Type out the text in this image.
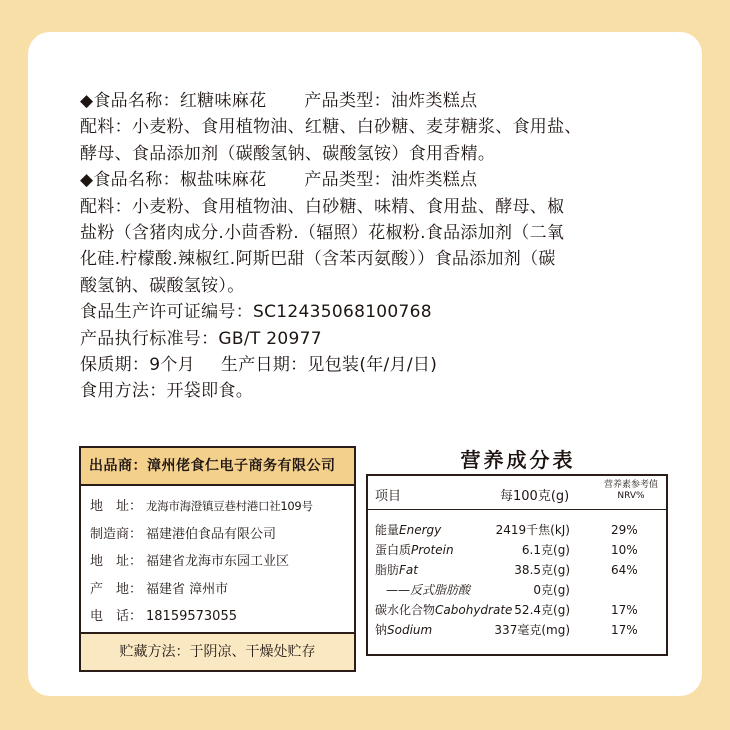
◆食品名称：红糖味麻花 产品类型：油炸类糕点
配料：小麦粉、食用植物油、红糖、白砂糖、麦芽糖浆、食用盐、
酵母、食品添加剂（碳酸氢钠、碳酸氢铵）食用香精。
◆食品名称：椒盐味麻花 产品类型：油炸类糕点
配料：小麦粉、食用植物油、白砂糖、味精、食用盐、酵母、椒
盐粉（含猪肉成分.小茴香粉.（辐照）花椒粉.食品添加剂（二氧
化硅.柠檬酸.辣椒红.阿斯巴甜（含苯丙氨酸））食品添加剂（碳
酸氢钠、碳酸氢铵）。
食品生产许可证编号：SC12435068100768
产品执行标准号：GB/T 20977
保质期：9个月 生产日期：见包装(年/月/日)
食用方法：开袋即食。
出品商：漳州佬食仁电子商务有限公司
地　址： 龙海市海澄镇豆巷村港口社109号
制造商： 福建港伯食品有限公司
地　址： 福建省龙海市东园工业区
产　地： 福建省 漳州市
电　话： 18159573055
贮藏方法：于阴凉、干燥处贮存
营养成分表
项目	每100克(g)
营养素参考值
NRV%
能量Energy	2419千焦(kJ)	29%
蛋白质Protein	6.1克(g)	10%
脂肪Fat	38.5克(g)	64%
——反式脂肪酸	0克(g)
碳水化合物Cabohydrate 52.4克(g)	17%
钠Sodium	337毫克(mg)	17%
